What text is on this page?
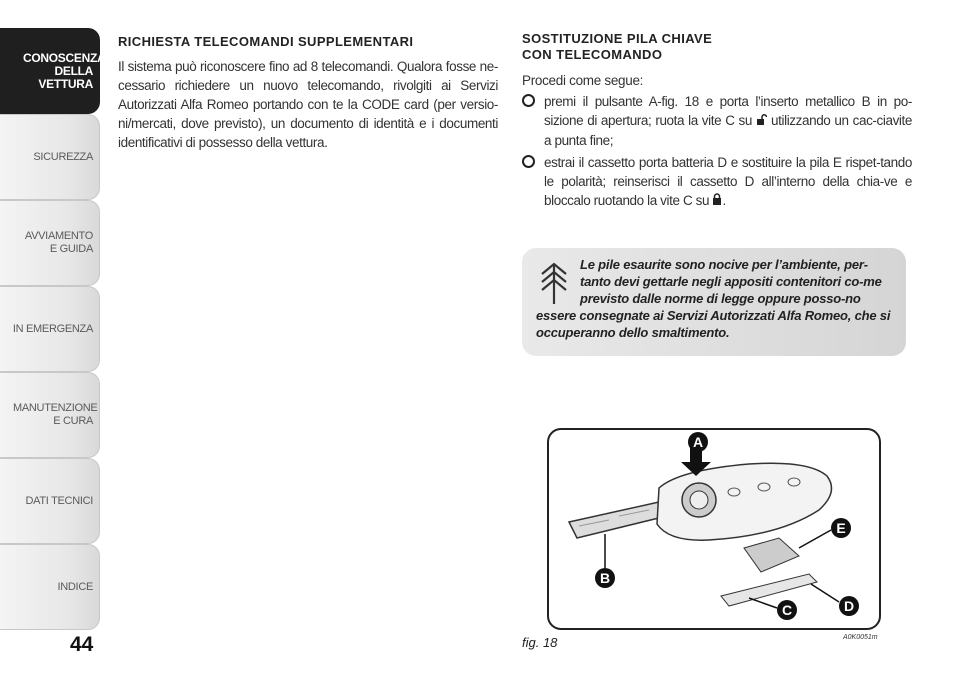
CONOSCENZA DELLA VETTURA
SICUREZZA
AVVIAMENTO E GUIDA
IN EMERGENZA
MANUTENZIONE E CURA
DATI TECNICI
INDICE
44
RICHIESTA TELECOMANDI SUPPLEMENTARI

Il sistema può riconoscere fino ad 8 telecomandi. Qualora fosse ne-cessario richiedere un nuovo telecomando, rivolgiti ai Servizi Autorizzati Alfa Romeo portando con te la CODE card (per versio-ni/mercati, dove previsto), un documento di identità e i documenti identificativi di possesso della vettura.

SOSTITUZIONE PILA CHIAVE
CON TELECOMANDO
Procedi come segue:
premi il pulsante A-fig. 18 e porta l’inserto metallico B in po-sizione di apertura; ruota la vite C su utilizzando un cac-ciavite a punta fine;
estrai il cassetto porta batteria D e sostituire la pila E rispet-tando le polarità; reinserisci il cassetto D all’interno della chia-ve e bloccalo ruotando la vite C su .
Le pile esaurite sono nocive per l’ambiente, per-tanto devi gettarle negli appositi contenitori co-me previsto dalle norme di legge oppure posso-no essere consegnate ai Servizi Autorizzati Alfa Romeo, che si occuperanno dello smaltimento.
A
E
D
C
B
fig. 18	A0K0051m
